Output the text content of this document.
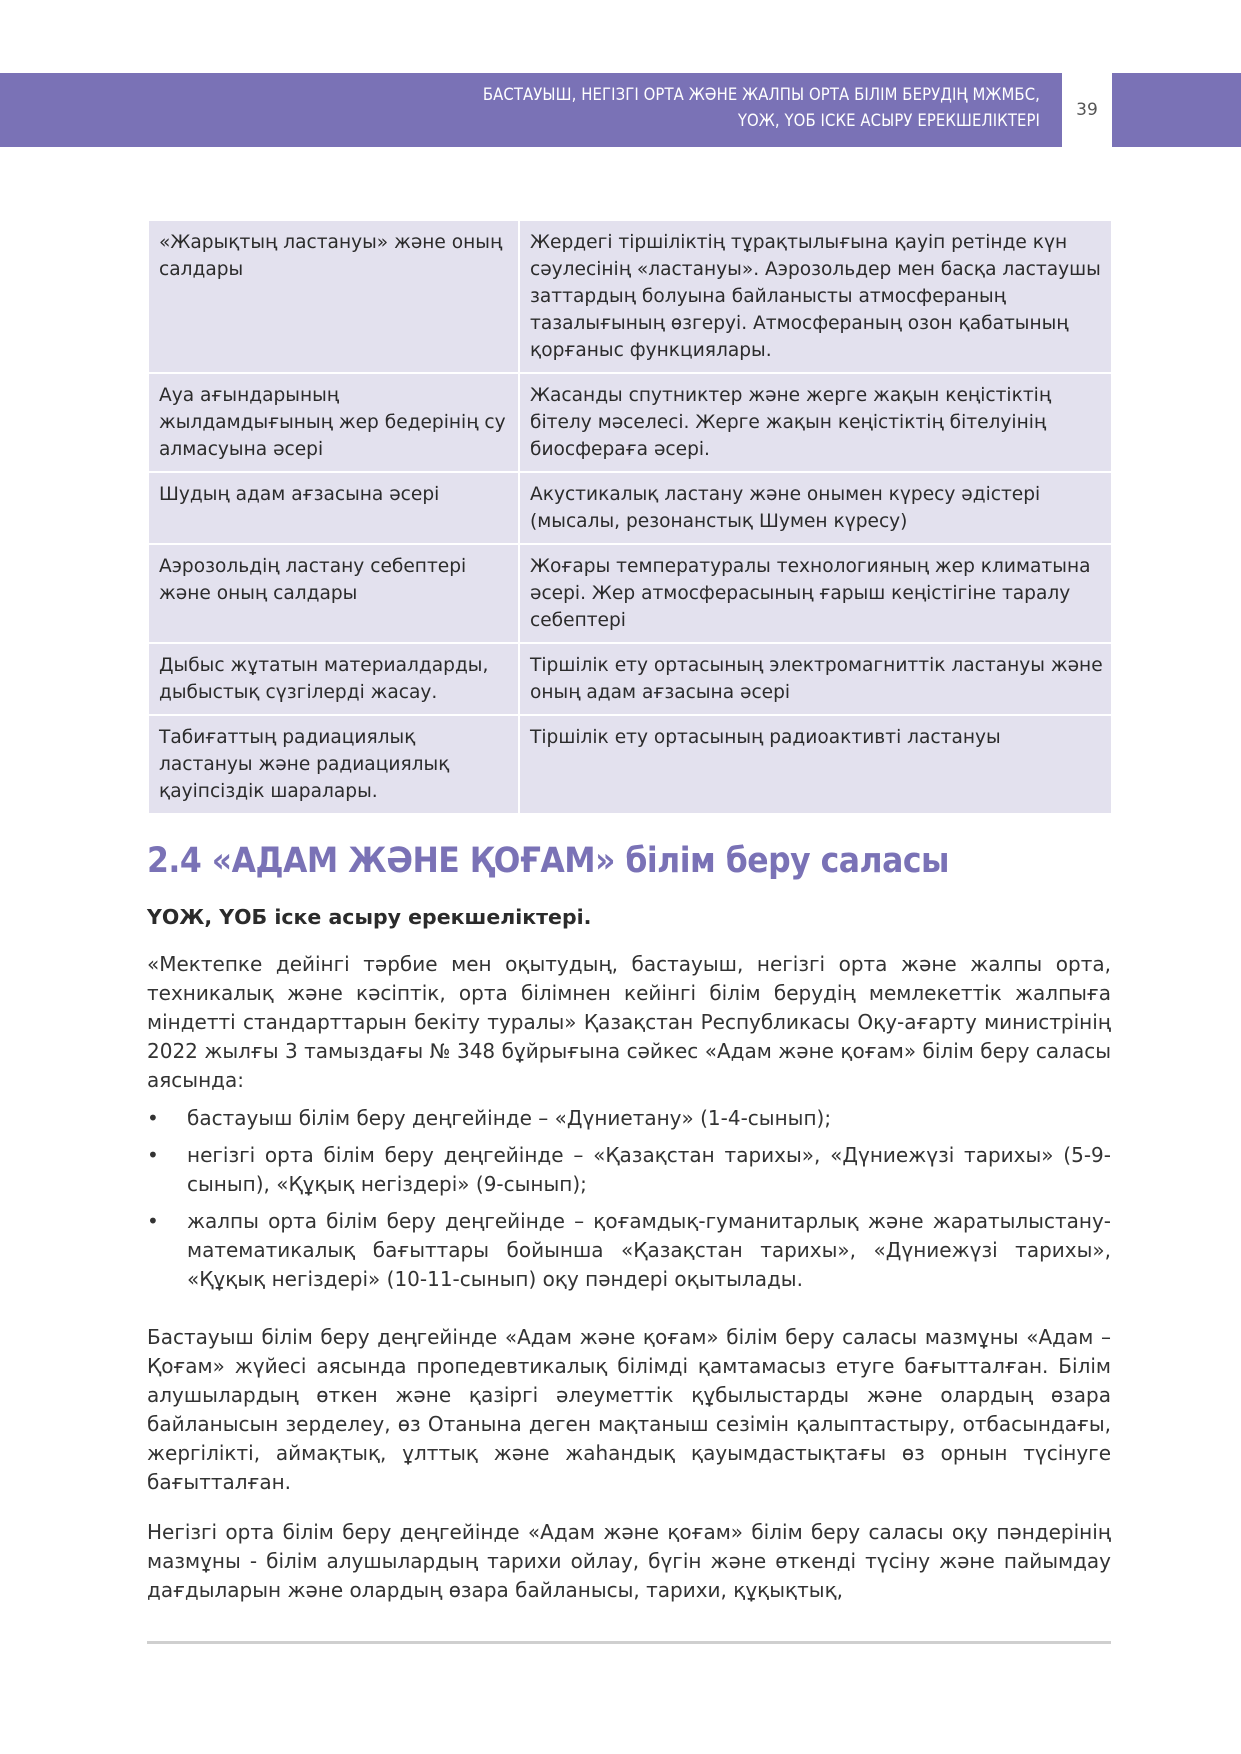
БАСТАУЫШ, НЕГІЗГІ ОРТА ЖӘНЕ ЖАЛПЫ ОРТА БІЛІМ БЕРУДІҢ МЖМБС,
ҮОЖ, ҮОБ ІСКЕ АСЫРУ ЕРЕКШЕЛІКТЕРІ
39
«Жарықтың ластануы» және оның салдары	Жердегі тіршіліктің тұрақтылығына қауіп ретінде күн сәулесінің «ластануы». Аэрозольдер мен басқа ластаушы заттардың болуына байланысты атмосфераның тазалығының өзгеруі. Атмосфераның озон қабатының қорғаныс функциялары.
Ауа ағындарының жылдамдығының жер бедерінің су алмасуына әсері	Жасанды спутниктер және жерге жақын кеңістіктің бітелу мәселесі. Жерге жақын кеңістіктің бітелуінің биосфераға әсері.
Шудың адам ағзасына әсері	Акустикалық ластану және онымен күресу әдістері (мысалы, резонанстық Шумен күресу)
Аэрозольдің ластану себептері және оның салдары	Жоғары температуралы технологияның жер климатына әсері. Жер атмосферасының ғарыш кеңістігіне таралу себептері
Дыбыс жұтатын материалдарды, дыбыстық сүзгілерді жасау.	Тіршілік ету ортасының электромагниттік ластануы және оның адам ағзасына әсері
Табиғаттың радиациялық ластануы және радиациялық қауіпсіздік шаралары.	Тіршілік ету ортасының радиоактивті ластануы
2.4 «АДАМ ЖӘНЕ ҚОҒАМ» білім беру саласы
ҮОЖ, ҮОБ іске асыру ерекшеліктері.

«Мектепке дейінгі тәрбие мен оқытудың, бастауыш, негізгі орта және жалпы орта, техникалық және кәсіптік, орта білімнен кейінгі білім берудің мемлекеттік жалпыға міндетті стандарттарын бекіту туралы» Қазақстан Республикасы Оқу-ағарту министрінің 2022 жылғы 3 тамыздағы № 348 бұйрығына сәйкес «Адам және қоғам» білім беру саласы аясында:

• бастауыш білім беру деңгейінде – «Дүниетану» (1-4-сынып);
• негізгі орта білім беру деңгейінде – «Қазақстан тарихы», «Дүниежүзі тарихы» (5-9-сынып), «Құқық негіздері» (9-сынып);
• жалпы орта білім беру деңгейінде – қоғамдық-гуманитарлық және жаратылыстану-математикалық бағыттары бойынша «Қазақстан тарихы», «Дүниежүзі тарихы», «Құқық негіздері» (10-11-сынып) оқу пәндері оқытылады.

Бастауыш білім беру деңгейінде «Адам және қоғам» білім беру саласы мазмұны «Адам – Қоғам» жүйесі аясында пропедевтикалық білімді қамтамасыз етуге бағытталған. Білім алушылардың өткен және қазіргі әлеуметтік құбылыстарды және олардың өзара байланысын зерделеу, өз Отанына деген мақтаныш сезімін қалыптастыру, отбасындағы, жергілікті, аймақтық, ұлттық және жаһандық қауымдастықтағы өз орнын түсінуге бағытталған.

Негізгі орта білім беру деңгейінде «Адам және қоғам» білім беру саласы оқу пәндерінің мазмұны - білім алушылардың тарихи ойлау, бүгін және өткенді түсіну және пайымдау дағдыларын және олардың өзара байланысы, тарихи, құқықтық,
